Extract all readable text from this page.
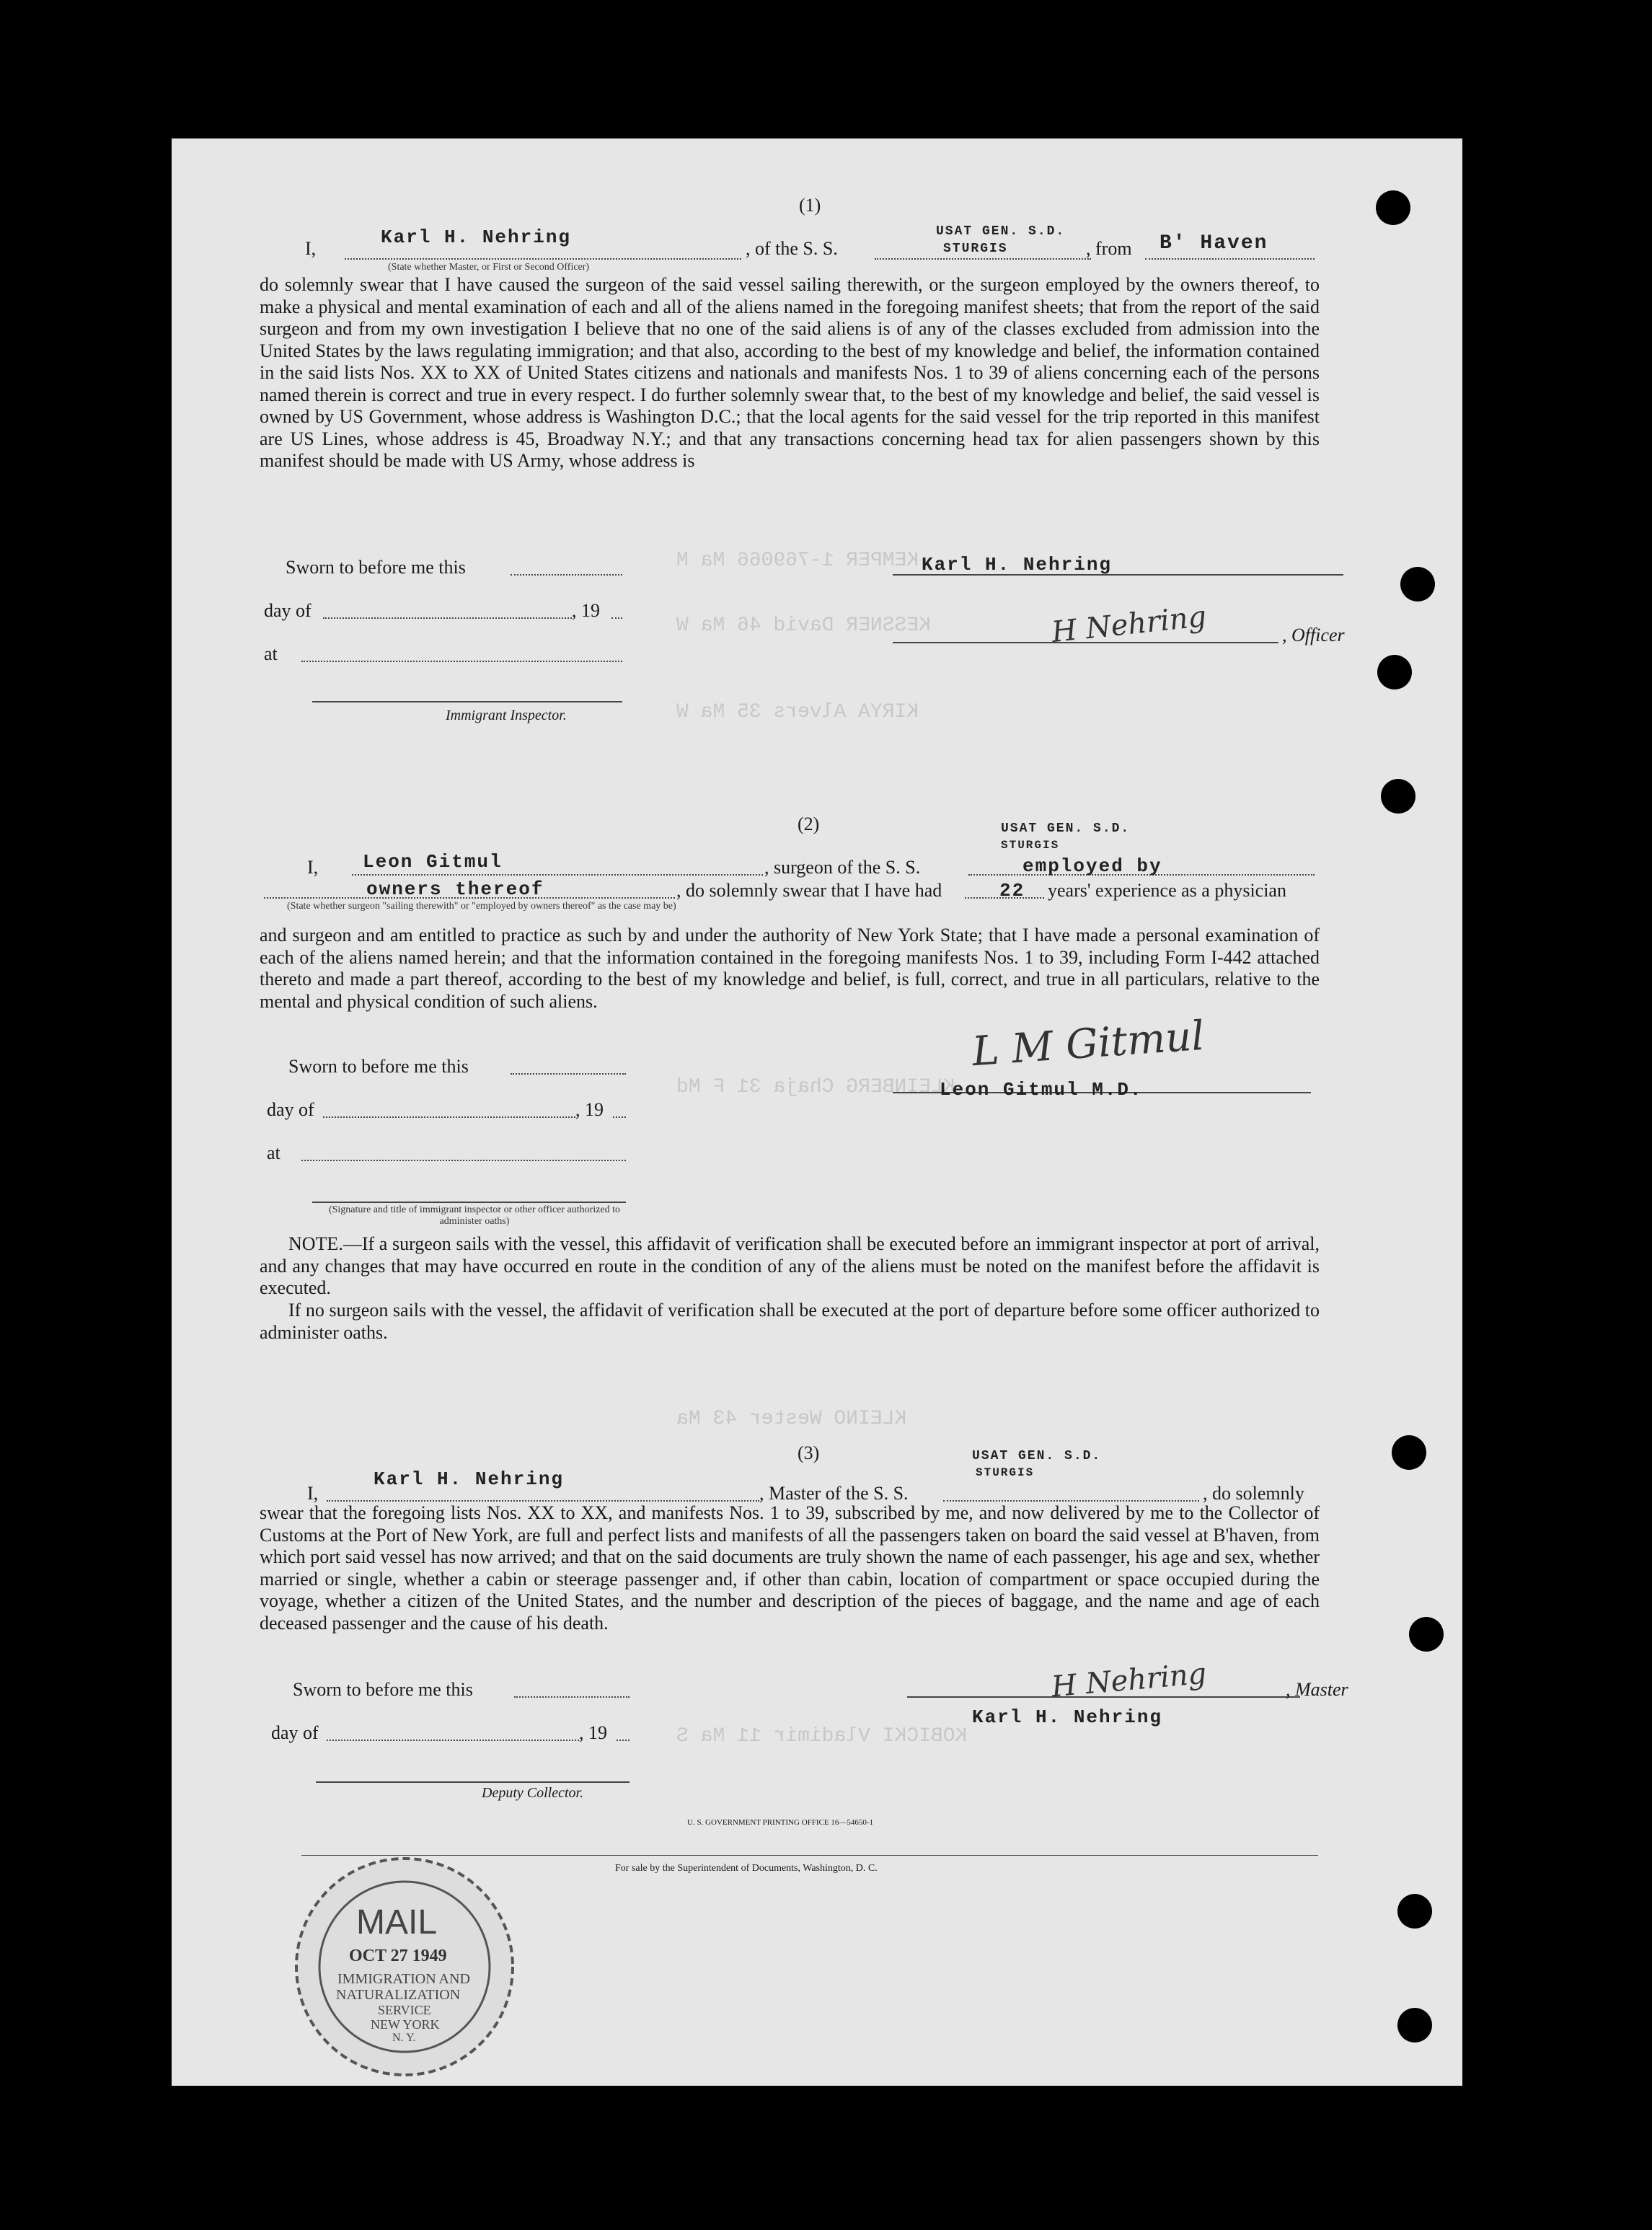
KEMPER 1-769066 Ma M
KESSNER David 46 Ma W
KIRYA Alvers 35 Ma W
KLEINBERG Chaja 31 F Md
KLEINO Wester 43 Ma
KOBICKI Vladimir 11 Ma S
(1)
I,
Karl H. Nehring
(State whether Master, or First or Second Officer)
, of the S. S.
USAT GEN. S.D.
STURGIS	, from B' Haven
do solemnly swear that I have caused the surgeon of the said vessel sailing therewith, or the surgeon employed by the owners thereof, to make a physical and mental examination of each and all of the aliens named in the foregoing manifest sheets; that from the report of the said surgeon and from my own investigation I believe that no one of the said aliens is of any of the classes excluded from admission into the United States by the laws regulating immigration; and that also, according to the best of my knowledge and belief, the information contained in the said lists Nos. XX to XX of United States citizens and nationals and manifests Nos. 1 to 39 of aliens concerning each of the persons named therein is correct and true in every respect. I do further solemnly swear that, to the best of my knowledge and belief, the said vessel is owned by US Government, whose address is Washington D.C.; that the local agents for the said vessel for the trip reported in this manifest are US Lines, whose address is 45, Broadway N.Y.; and that any transactions concerning head tax for alien passengers shown by this manifest should be made with US Army, whose address is
Sworn to before me this
day of	, 19
at
Immigrant Inspector.
Karl H. Nehring
H Nehring	, Officer
(2)
I, Leon Gitmul	, surgeon of the S. S.
USAT GEN. S.D.
STURGIS
employed by
owners thereof	, do solemnly swear that I have had	22 years' experience as a physician
(State whether surgeon "sailing therewith" or "employed by owners thereof" as the case may be)
and surgeon and am entitled to practice as such by and under the authority of New York State; that I have made a personal examination of each of the aliens named herein; and that the information contained in the foregoing manifests Nos. 1 to 39, including Form I-442 attached thereto and made a part thereof, according to the best of my knowledge and belief, is full, correct, and true in all particulars, relative to the mental and physical condition of such aliens.
Sworn to before me this
day of	, 19
at
(Signature and title of immigrant inspector or other officer authorized to administer oaths)
L M Gitmul
Leon Gitmul M.D.
NOTE.—If a surgeon sails with the vessel, this affidavit of verification shall be executed before an immigrant inspector at port of arrival, and any changes that may have occurred en route in the condition of any of the aliens must be noted on the manifest before the affidavit is executed.
If no surgeon sails with the vessel, the affidavit of verification shall be executed at the port of departure before some officer authorized to administer oaths.
(3)
I,
Karl H. Nehring
, Master of the S. S.
USAT GEN. S.D.
STURGIS
, do solemnly
swear that the foregoing lists Nos. XX to XX, and manifests Nos. 1 to 39, subscribed by me, and now delivered by me to the Collector of Customs at the Port of New York, are full and perfect lists and manifests of all the passengers taken on board the said vessel at B'haven, from which port said vessel has now arrived; and that on the said documents are truly shown the name of each passenger, his age and sex, whether married or single, whether a cabin or steerage passenger and, if other than cabin, location of compartment or space occupied during the voyage, whether a citizen of the United States, and the number and description of the pieces of baggage, and the name and age of each deceased passenger and the cause of his death.
Sworn to before me this
day of	, 19
Deputy Collector.
H Nehring	, Master
Karl H. Nehring
U. S. GOVERNMENT PRINTING OFFICE 16—54650-1
For sale by the Superintendent of Documents, Washington, D. C.
MAIL
OCT 27 1949
IMMIGRATION AND
NATURALIZATION
SERVICE
NEW YORK
N. Y.
